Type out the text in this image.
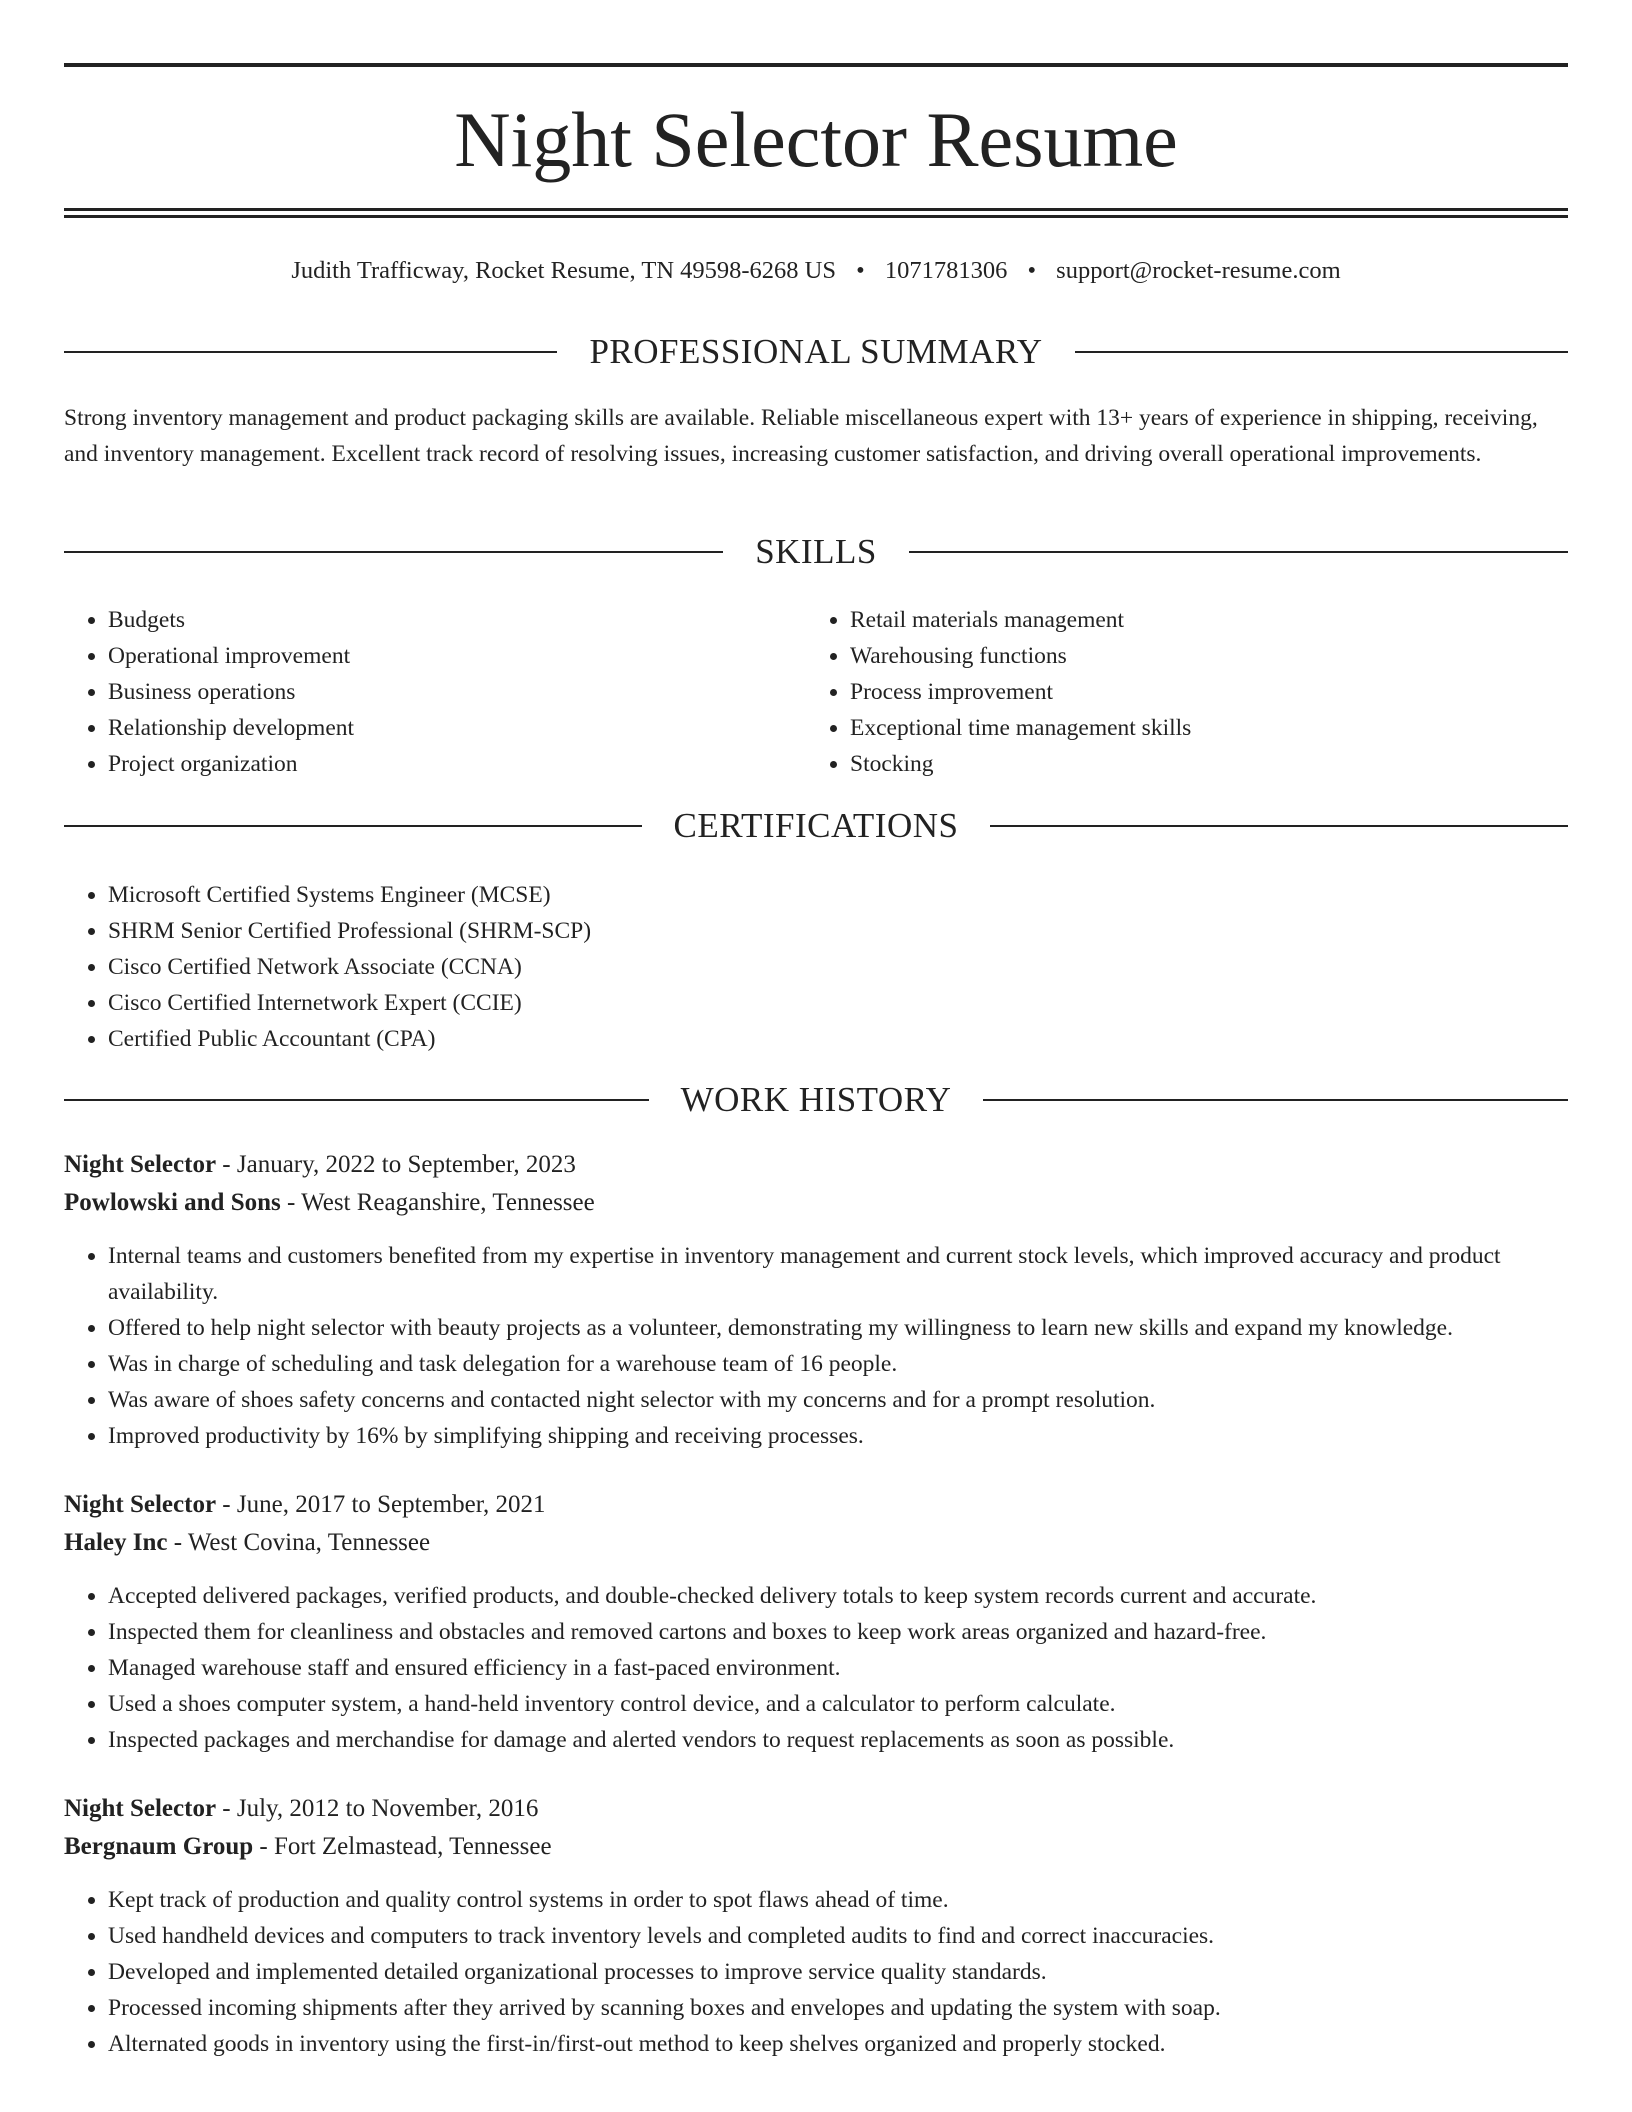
Night Selector Resume
Judith Trafficway, Rocket Resume, TN 49598-6268 US • 1071781306 • support@rocket-resume.com
PROFESSIONAL SUMMARY

Strong inventory management and product packaging skills are available. Reliable miscellaneous expert with 13+ years of experience in shipping, receiving, and inventory management. Excellent track record of resolving issues, increasing customer satisfaction, and driving overall operational improvements.

SKILLS
• Budgets
• Operational improvement
• Business operations
• Relationship development
• Project organization
• Retail materials management
• Warehousing functions
• Process improvement
• Exceptional time management skills
• Stocking
CERTIFICATIONS
• Microsoft Certified Systems Engineer (MCSE)
• SHRM Senior Certified Professional (SHRM-SCP)
• Cisco Certified Network Associate (CCNA)
• Cisco Certified Internetwork Expert (CCIE)
• Certified Public Accountant (CPA)
WORK HISTORY
Night Selector - January, 2022 to September, 2023
Powlowski and Sons - West Reaganshire, Tennessee
• Internal teams and customers benefited from my expertise in inventory management and current stock levels, which improved accuracy and product availability.
• Offered to help night selector with beauty projects as a volunteer, demonstrating my willingness to learn new skills and expand my knowledge.
• Was in charge of scheduling and task delegation for a warehouse team of 16 people.
• Was aware of shoes safety concerns and contacted night selector with my concerns and for a prompt resolution.
• Improved productivity by 16% by simplifying shipping and receiving processes.
Night Selector - June, 2017 to September, 2021
Haley Inc - West Covina, Tennessee
• Accepted delivered packages, verified products, and double-checked delivery totals to keep system records current and accurate.
• Inspected them for cleanliness and obstacles and removed cartons and boxes to keep work areas organized and hazard-free.
• Managed warehouse staff and ensured efficiency in a fast-paced environment.
• Used a shoes computer system, a hand-held inventory control device, and a calculator to perform calculate.
• Inspected packages and merchandise for damage and alerted vendors to request replacements as soon as possible.
Night Selector - July, 2012 to November, 2016
Bergnaum Group - Fort Zelmastead, Tennessee
• Kept track of production and quality control systems in order to spot flaws ahead of time.
• Used handheld devices and computers to track inventory levels and completed audits to find and correct inaccuracies.
• Developed and implemented detailed organizational processes to improve service quality standards.
• Processed incoming shipments after they arrived by scanning boxes and envelopes and updating the system with soap.
• Alternated goods in inventory using the first-in/first-out method to keep shelves organized and properly stocked.
